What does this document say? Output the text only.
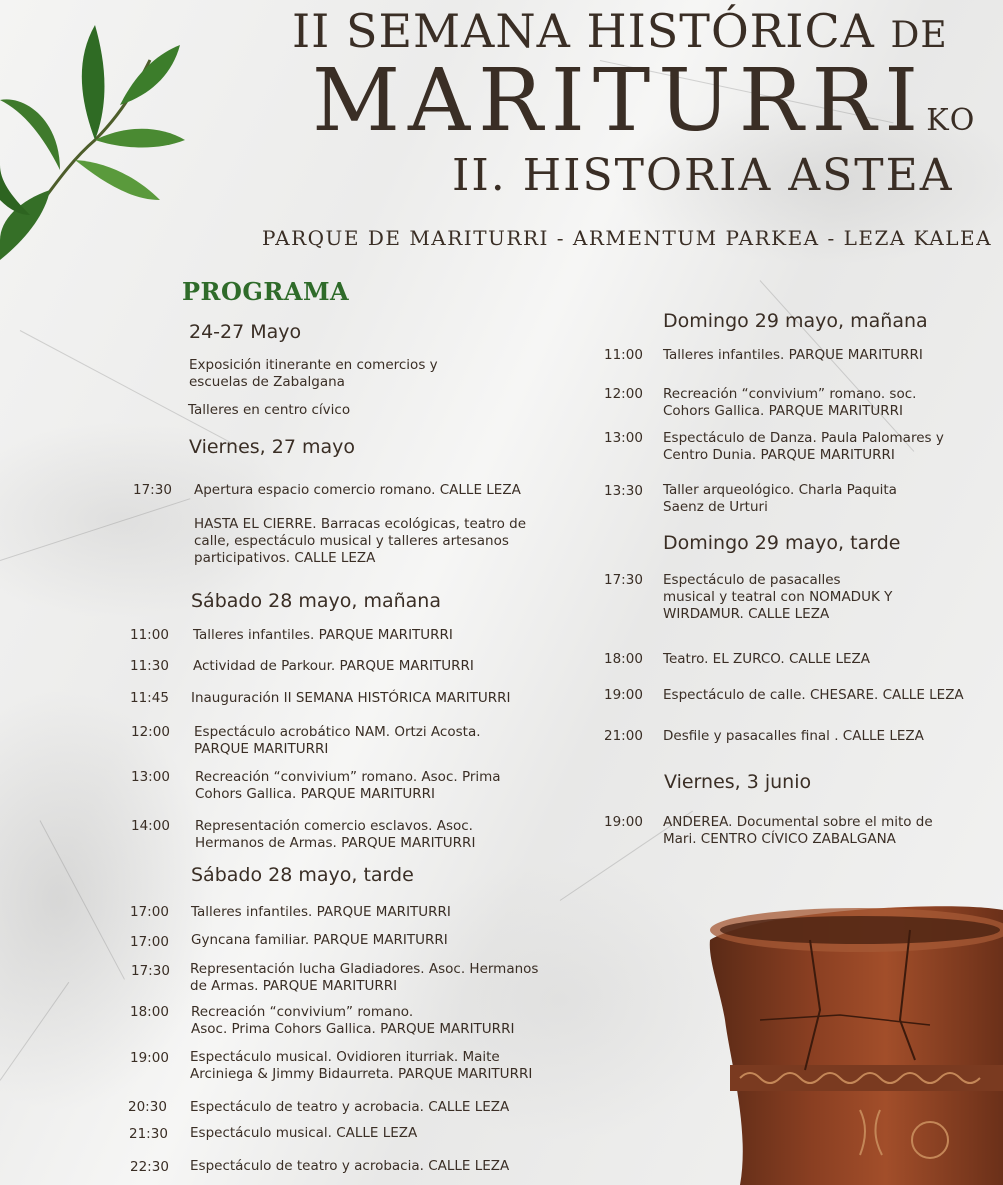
II SEMANA HISTÓRICA DE
MARITURRIKO
II. HISTORIA ASTEA
PARQUE DE MARITURRI - ARMENTUM PARKEA - LEZA KALEA
PROGRAMA
24-27 Mayo
Exposición itinerante en comercios y
escuelas de Zabalgana
Talleres en centro cívico
Viernes, 27 mayo
17:30 Apertura espacio comercio romano. CALLE LEZA
HASTA EL CIERRE. Barracas ecológicas, teatro de
calle, espectáculo musical y talleres artesanos
participativos. CALLE LEZA
Sábado 28 mayo, mañana
11:00 Talleres infantiles. PARQUE MARITURRI
11:30 Actividad de Parkour. PARQUE MARITURRI
11:45 Inauguración II SEMANA HISTÓRICA MARITURRI
12:00 Espectáculo acrobático NAM. Ortzi Acosta.
PARQUE MARITURRI
13:00 Recreación “convivium” romano. Asoc. Prima
Cohors Gallica. PARQUE MARITURRI
14:00 Representación comercio esclavos. Asoc.
Hermanos de Armas. PARQUE MARITURRI
Sábado 28 mayo, tarde
17:00 Talleres infantiles. PARQUE MARITURRI
17:00 Gyncana familiar. PARQUE MARITURRI
17:30 Representación lucha Gladiadores. Asoc. Hermanos
de Armas. PARQUE MARITURRI
18:00 Recreación “convivium” romano.
Asoc. Prima Cohors Gallica. PARQUE MARITURRI
19:00 Espectáculo musical. Ovidioren iturriak. Maite
Arciniega & Jimmy Bidaurreta. PARQUE MARITURRI
20:30 Espectáculo de teatro y acrobacia. CALLE LEZA
21:30 Espectáculo musical. CALLE LEZA
22:30 Espectáculo de teatro y acrobacia. CALLE LEZA
Domingo 29 mayo, mañana
11:00 Talleres infantiles. PARQUE MARITURRI
12:00 Recreación “convivium” romano. soc.
Cohors Gallica. PARQUE MARITURRI
13:00 Espectáculo de Danza. Paula Palomares y
Centro Dunia. PARQUE MARITURRI
13:30 Taller arqueológico. Charla Paquita
Saenz de Urturi
Domingo 29 mayo, tarde
17:30 Espectáculo de pasacalles
musical y teatral con NOMADUK Y
WIRDAMUR. CALLE LEZA
18:00 Teatro. EL ZURCO. CALLE LEZA
19:00 Espectáculo de calle. CHESARE. CALLE LEZA
21:00 Desfile y pasacalles final . CALLE LEZA
Viernes, 3 junio
19:00 ANDEREA. Documental sobre el mito de
Mari. CENTRO CÍVICO ZABALGANA
